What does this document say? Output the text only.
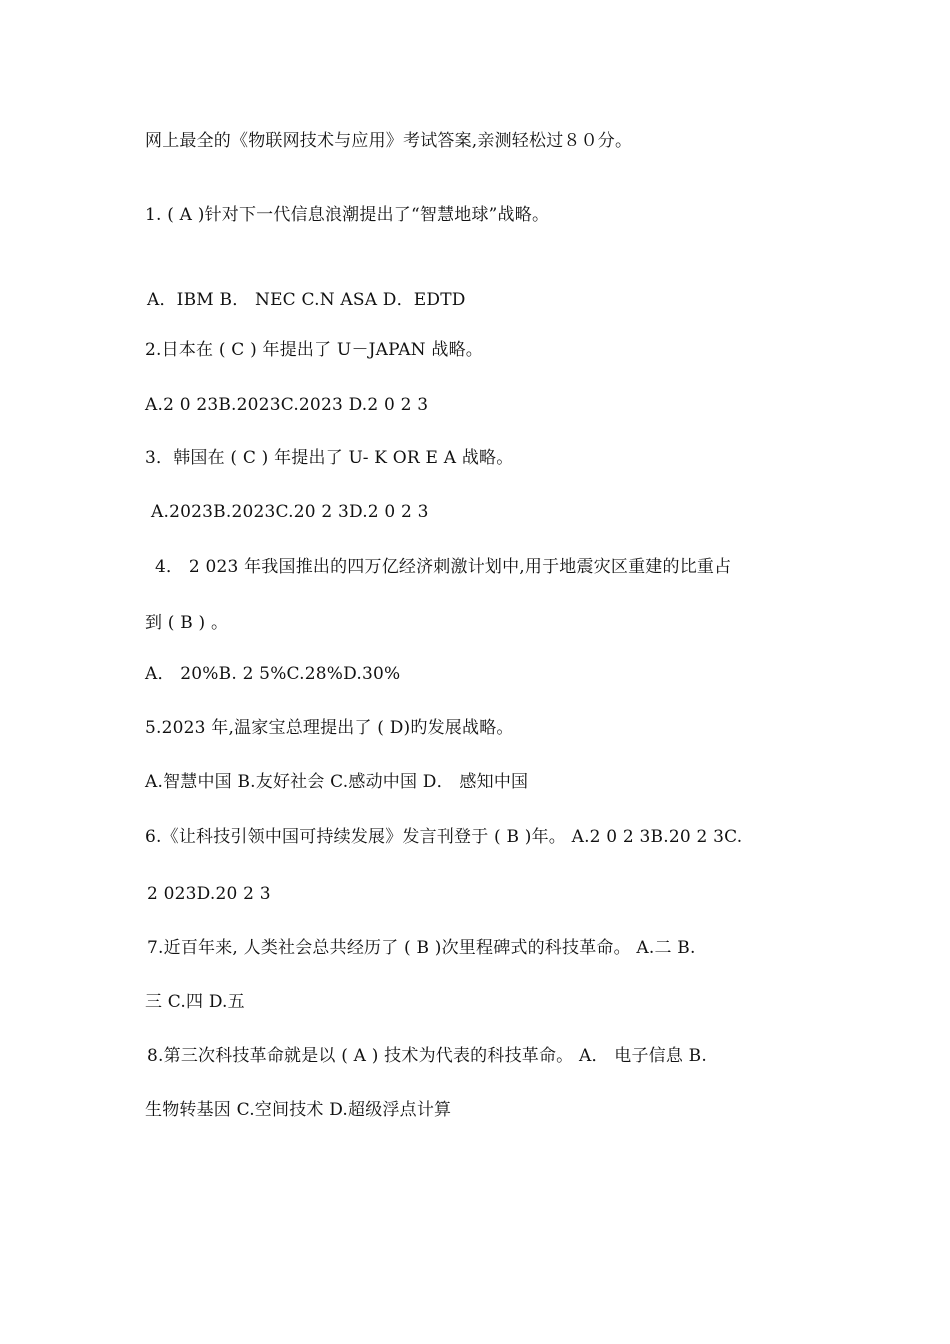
网上最全的《物联网技术与应用》考试答案,亲测轻松过８０分。
1. ( A )针对下一代信息浪潮提出了“智慧地球”战略。
A．IBM B． NEC C.N ASA D．EDTD
2.日本在 ( C ) 年提出了 U－JAPAN 战略。
A.2 0 23B.2023C.2023 D.2 0 2 3
3．韩国在 ( C ) 年提出了 U- K OR E A 战略。
A.2023B.2023C.20 2 3D.2 0 2 3
4． 2 023 年我国推出的四万亿经济刺激计划中,用于地震灾区重建的比重占
到 ( B ) 。
A． 20%B. 2 5%C.28%D.30%
5.2023 年,温家宝总理提出了 ( D)旳发展战略。
A.智慧中国 B.友好社会 C.感动中国 D． 感知中国
6.《让科技引领中国可持续发展》发言刊登于 ( B )年。 A.2 0 2 3B.20 2 3C.
2 023D.20 2 3
7.近百年来, 人类社会总共经历了 ( B )次里程碑式的科技革命。 A.二 B.
三 C.四 D.五
8.第三次科技革命就是以 ( A ) 技术为代表的科技革命。 A． 电子信息 B.
生物转基因 C.空间技术 D.超级浮点计算
